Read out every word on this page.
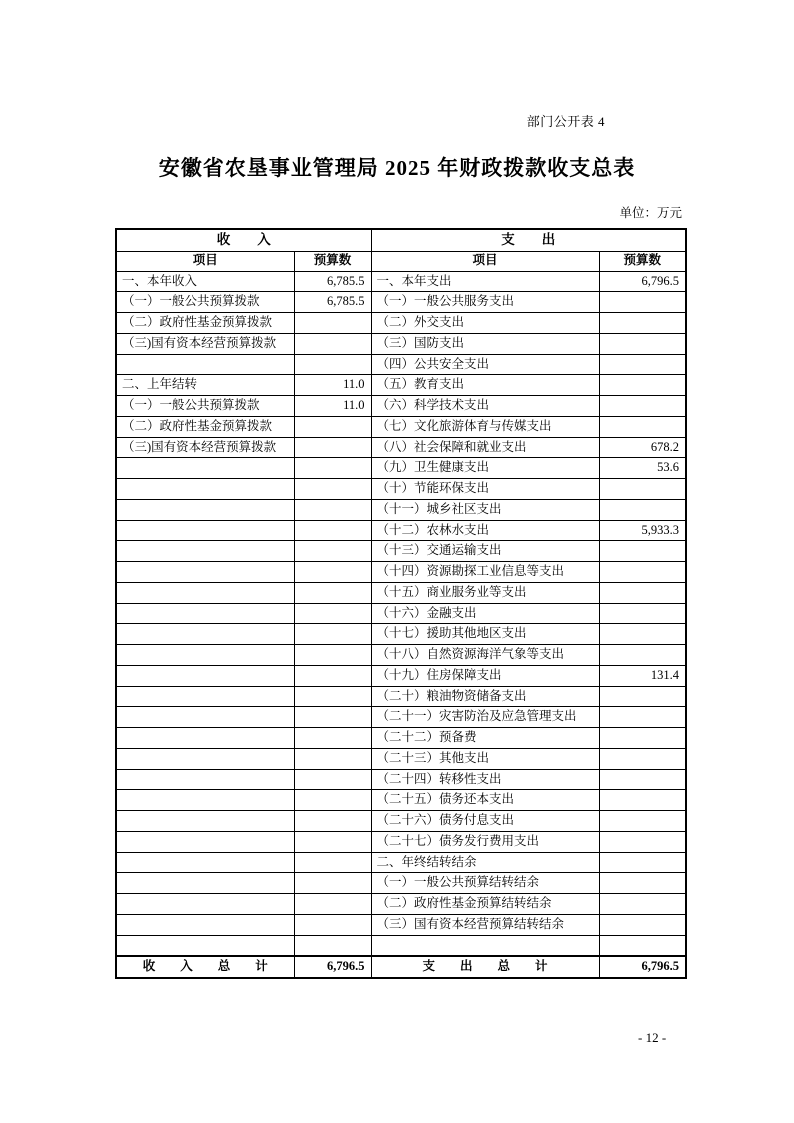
部门公开表 4
安徽省农垦事业管理局 2025 年财政拨款收支总表
单位：万元
收　　入		支　　出	
项目	预算数	项目	预算数
一、本年收入	6,785.5	一、本年支出	6,796.5
（一）一般公共预算拨款	6,785.5	（一）一般公共服务支出	
（二）政府性基金预算拨款		（二）外交支出	
（三)国有资本经营预算拨款		（三）国防支出	
		（四）公共安全支出	
二、上年结转	11.0	（五）教育支出	
（一）一般公共预算拨款	11.0	（六）科学技术支出	
（二）政府性基金预算拨款		（七）文化旅游体育与传媒支出	
（三)国有资本经营预算拨款		（八）社会保障和就业支出	678.2
		（九）卫生健康支出	53.6
		（十）节能环保支出	
		（十一）城乡社区支出	
		（十二）农林水支出	5,933.3
		（十三）交通运输支出	
		（十四）资源勘探工业信息等支出	
		（十五）商业服务业等支出	
		（十六）金融支出	
		（十七）援助其他地区支出	
		（十八）自然资源海洋气象等支出	
		（十九）住房保障支出	131.4
		（二十）粮油物资储备支出	
		（二十一）灾害防治及应急管理支出	
		（二十二）预备费	
		（二十三）其他支出	
		（二十四）转移性支出	
		（二十五）债务还本支出	
		（二十六）债务付息支出	
		（二十七）债务发行费用支出	
		二、年终结转结余	
		（一）一般公共预算结转结余	
		（二）政府性基金预算结转结余	
		（三）国有资本经营预算结转结余	

收　　入　　总　　计	6,796.5	支　　出　　总　　计	6,796.5
- 12 -
